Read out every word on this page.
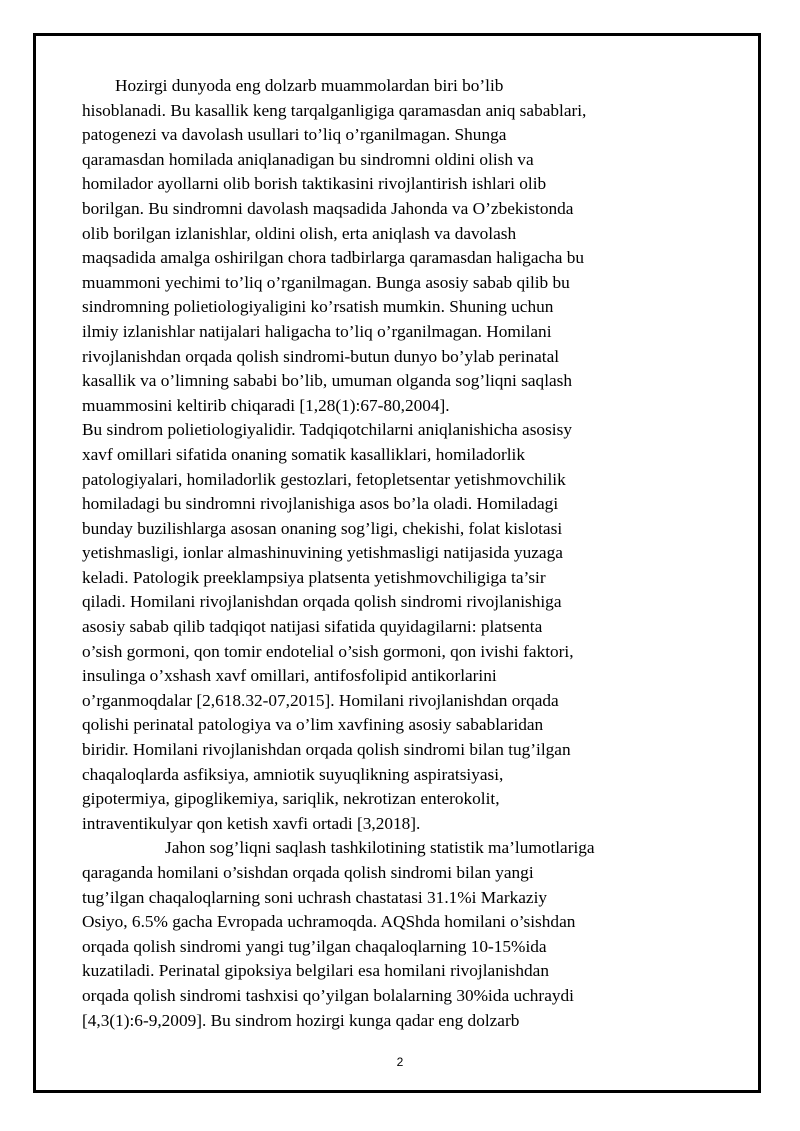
Hozirgi dunyoda eng dolzarb muammolardan biri bo’lib
hisoblanadi. Bu kasallik keng tarqalganligiga qaramasdan aniq sabablari,
patogenezi va davolash usullari to’liq o’rganilmagan. Shunga
qaramasdan homilada aniqlanadigan bu sindromni oldini olish va
homilador ayollarni olib borish taktikasini rivojlantirish ishlari olib
borilgan. Bu sindromni davolash maqsadida Jahonda va O’zbekistonda
olib borilgan izlanishlar, oldini olish, erta aniqlash va davolash
maqsadida amalga oshirilgan chora tadbirlarga qaramasdan haligacha bu
muammoni yechimi to’liq o’rganilmagan. Bunga asosiy sabab qilib bu
sindromning polietiologiyaligini ko’rsatish mumkin. Shuning uchun
ilmiy izlanishlar natijalari haligacha to’liq o’rganilmagan. Homilani
rivojlanishdan orqada qolish sindromi-butun dunyo bo’ylab perinatal
kasallik va o’limning sababi bo’lib, umuman olganda sog’liqni saqlash
muammosini keltirib chiqaradi [1,28(1):67-80,2004].
Bu sindrom polietiologiyalidir. Tadqiqotchilarni aniqlanishicha asosisy
xavf omillari sifatida onaning somatik kasalliklari, homiladorlik
patologiyalari, homiladorlik gestozlari, fetopletsentar yetishmovchilik
homiladagi bu sindromni rivojlanishiga asos bo’la oladi. Homiladagi
bunday buzilishlarga asosan onaning sog’ligi, chekishi, folat kislotasi
yetishmasligi, ionlar almashinuvining yetishmasligi natijasida yuzaga
keladi. Patologik preeklampsiya platsenta yetishmovchiligiga ta’sir
qiladi. Homilani rivojlanishdan orqada qolish sindromi rivojlanishiga
asosiy sabab qilib tadqiqot natijasi sifatida quyidagilarni: platsenta
o’sish gormoni, qon tomir endotelial o’sish gormoni, qon ivishi faktori,
insulinga o’xshash xavf omillari, antifosfolipid antikorlarini
o’rganmoqdalar [2,618.32-07,2015]. Homilani rivojlanishdan orqada
qolishi perinatal patologiya va o’lim xavfining asosiy sabablaridan
biridir. Homilani rivojlanishdan orqada qolish sindromi bilan tug’ilgan
chaqaloqlarda asfiksiya, amniotik suyuqlikning aspiratsiyasi,
gipotermiya, gipoglikemiya, sariqlik, nekrotizan enterokolit,
intraventikulyar qon ketish xavfi ortadi [3,2018].
Jahon sog’liqni saqlash tashkilotining statistik ma’lumotlariga
qaraganda homilani o’sishdan orqada qolish sindromi bilan yangi
tug’ilgan chaqaloqlarning soni uchrash chastatasi 31.1%i Markaziy
Osiyo, 6.5% gacha Evropada uchramoqda. AQShda homilani o’sishdan
orqada qolish sindromi yangi tug’ilgan chaqaloqlarning 10-15%ida
kuzatiladi. Perinatal gipoksiya belgilari esa homilani rivojlanishdan
orqada qolish sindromi tashxisi qo’yilgan bolalarning 30%ida uchraydi
[4,3(1):6-9,2009]. Bu sindrom hozirgi kunga qadar eng dolzarb
2
